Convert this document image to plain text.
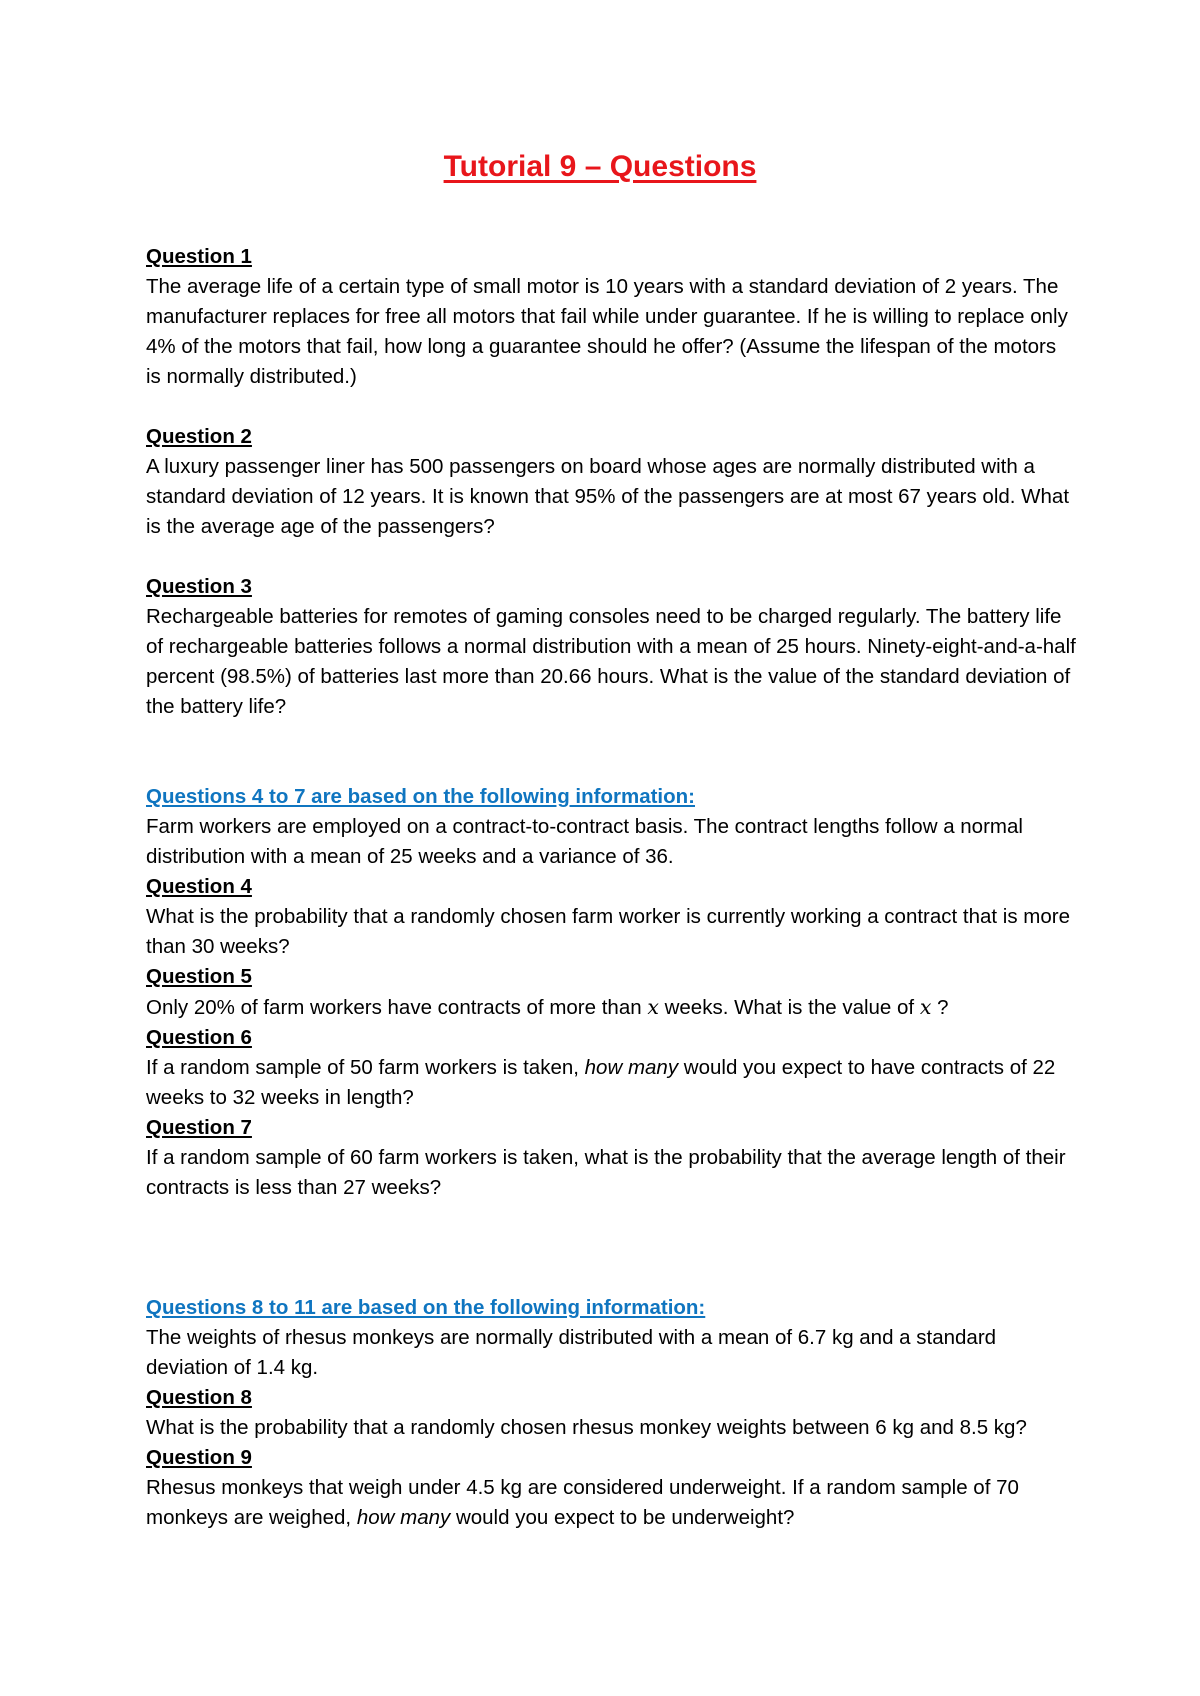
Tutorial 9 – Questions
Question 1

The average life of a certain type of small motor is 10 years with a standard deviation of 2 years. The manufacturer replaces for free all motors that fail while under guarantee. If he is willing to replace only 4% of the motors that fail, how long a guarantee should he offer? (Assume the lifespan of the motors is normally distributed.)

Question 2

A luxury passenger liner has 500 passengers on board whose ages are normally distributed with a standard deviation of 12 years. It is known that 95% of the passengers are at most 67 years old. What is the average age of the passengers?

Question 3

Rechargeable batteries for remotes of gaming consoles need to be charged regularly. The battery life of rechargeable batteries follows a normal distribution with a mean of 25 hours. Ninety-eight-and-a-half percent (98.5%) of batteries last more than 20.66 hours. What is the value of the standard deviation of the battery life?

Questions 4 to 7 are based on the following information:

Farm workers are employed on a contract-to-contract basis. The contract lengths follow a normal distribution with a mean of 25 weeks and a variance of 36.

Question 4

What is the probability that a randomly chosen farm worker is currently working a contract that is more than 30 weeks?

Question 5

Only 20% of farm workers have contracts of more than x weeks. What is the value of x ?

Question 6

If a random sample of 50 farm workers is taken, how many would you expect to have contracts of 22 weeks to 32 weeks in length?

Question 7

If a random sample of 60 farm workers is taken, what is the probability that the average length of their contracts is less than 27 weeks?

Questions 8 to 11 are based on the following information:

The weights of rhesus monkeys are normally distributed with a mean of 6.7 kg and a standard deviation of 1.4 kg.

Question 8

What is the probability that a randomly chosen rhesus monkey weights between 6 kg and 8.5 kg?

Question 9

Rhesus monkeys that weigh under 4.5 kg are considered underweight. If a random sample of 70 monkeys are weighed, how many would you expect to be underweight?
